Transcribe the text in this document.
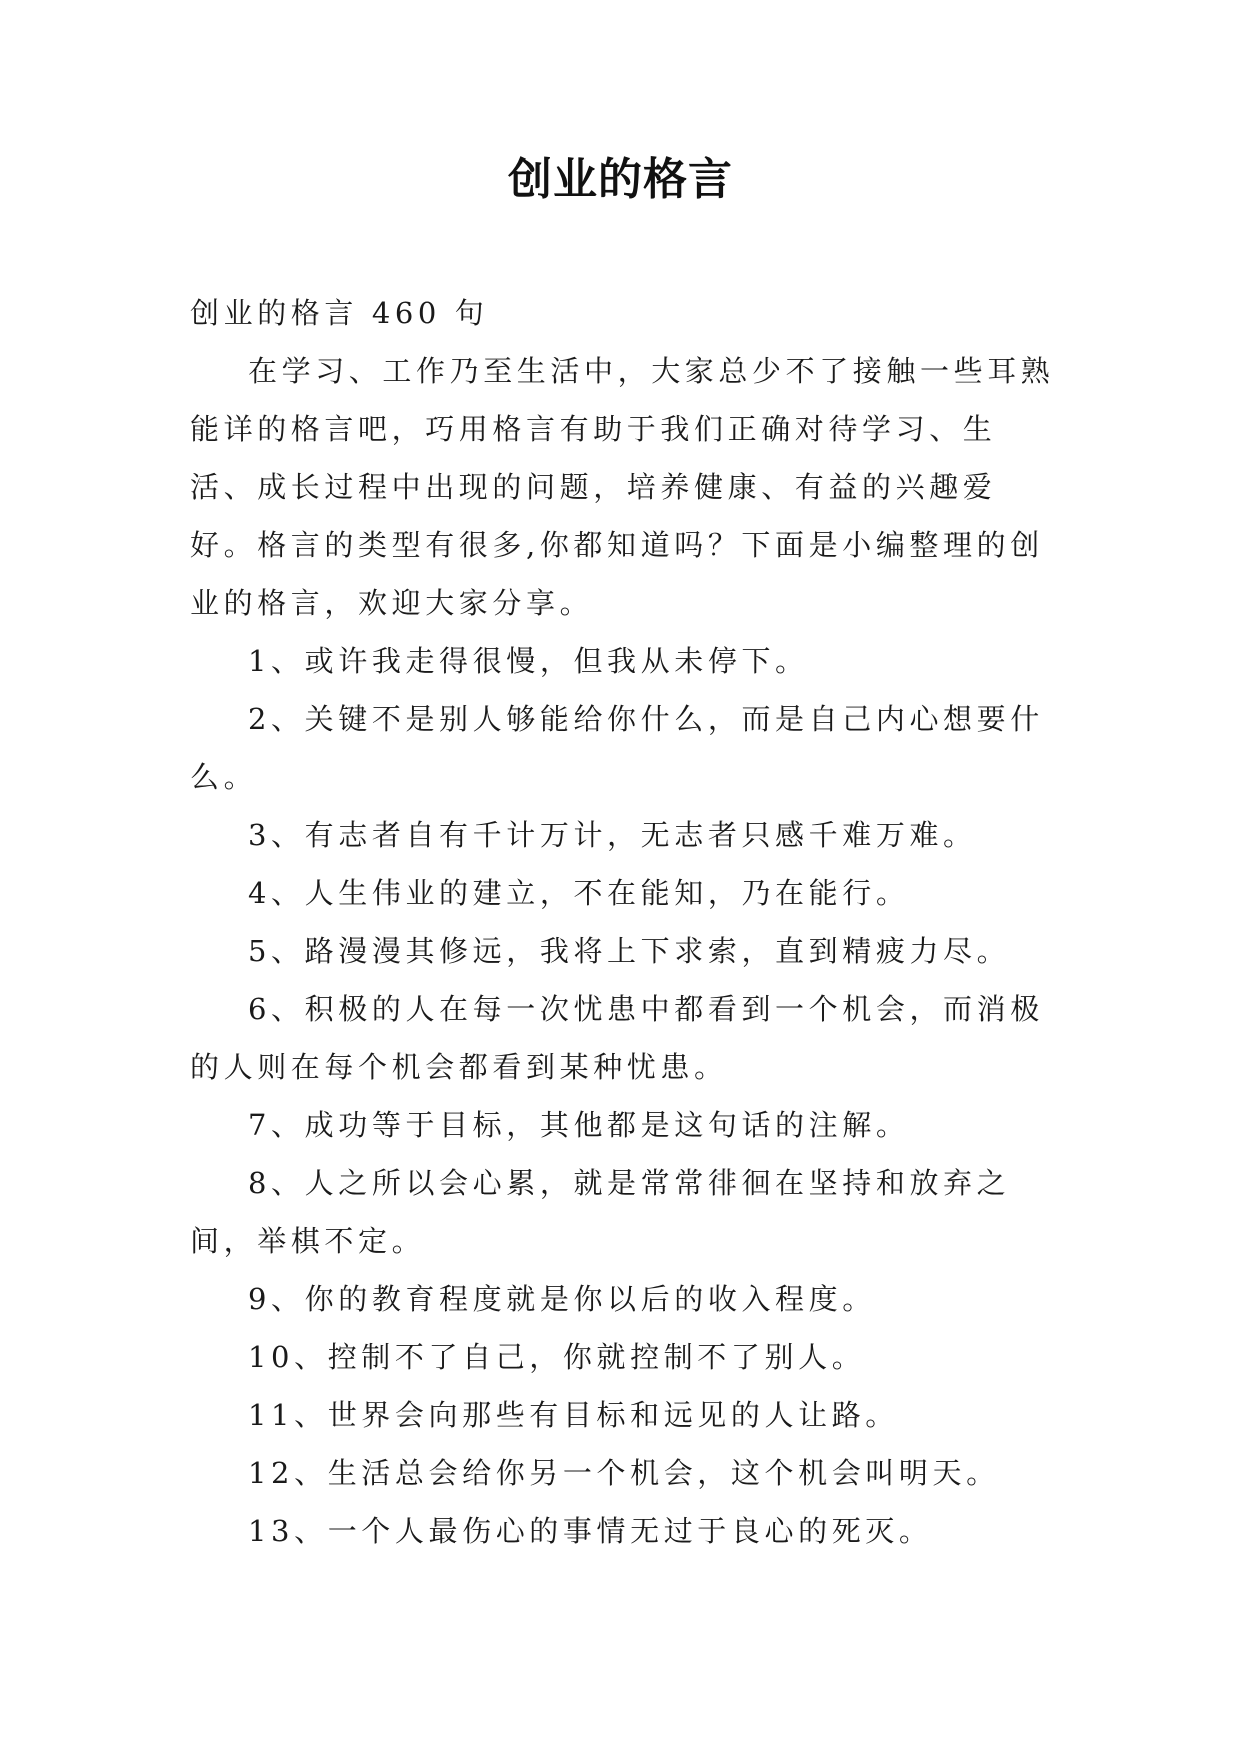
创业的格言

创业的格言 460 句

在学习、工作乃至生活中，大家总少不了接触一些耳熟能详的格言吧，巧用格言有助于我们正确对待学习、生活、成长过程中出现的问题，培养健康、有益的兴趣爱好。格言的类型有很多,你都知道吗？下面是小编整理的创业的格言，欢迎大家分享。

1、或许我走得很慢，但我从未停下。

2、关键不是别人够能给你什么，而是自己内心想要什么。

3、有志者自有千计万计，无志者只感千难万难。

4、人生伟业的建立，不在能知，乃在能行。

5、路漫漫其修远，我将上下求索，直到精疲力尽。

6、积极的人在每一次忧患中都看到一个机会，而消极的人则在每个机会都看到某种忧患。

7、成功等于目标，其他都是这句话的注解。

8、人之所以会心累，就是常常徘徊在坚持和放弃之间，举棋不定。

9、你的教育程度就是你以后的收入程度。

10、控制不了自己，你就控制不了别人。

11、世界会向那些有目标和远见的人让路。

12、生活总会给你另一个机会，这个机会叫明天。

13、一个人最伤心的事情无过于良心的死灭。
